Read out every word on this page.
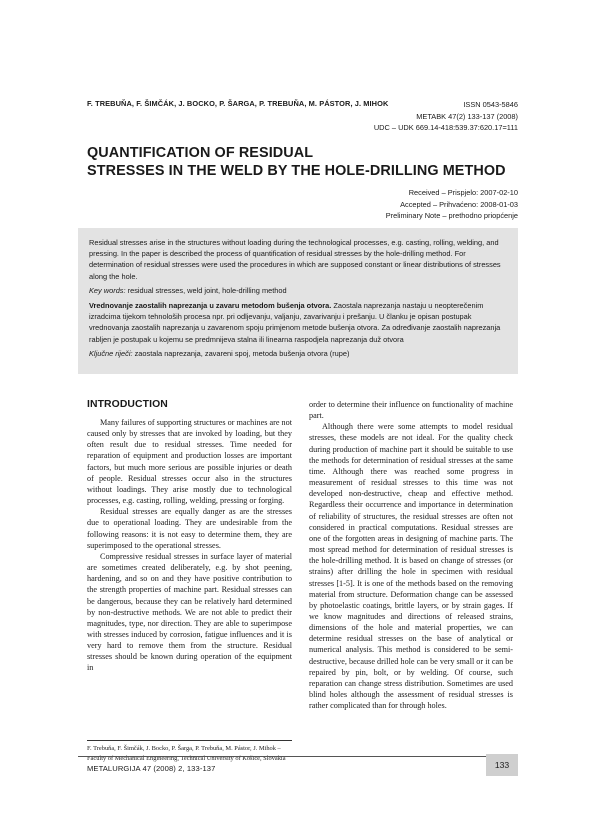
F. TREBUŇA, F. ŠIMČÁK, J. BOCKO, P. ŠARGA, P. TREBUŇA, M. PÁSTOR, J. MIHOK	ISSN 0543-5846
METABK 47(2) 133-137 (2008)
UDC – UDK 669.14-418:539.37:620.17=111
QUANTIFICATION OF RESIDUAL
STRESSES IN THE WELD BY THE HOLE-DRILLING METHOD
Received – Prispjelo: 2007-02-10
Accepted – Prihvaćeno: 2008-01-03
Preliminary Note – prethodno priopćenje

Residual stresses arise in the structures without loading during the technological processes, e.g. casting, rolling, welding, and pressing. In the paper is described the process of quantification of residual stresses by the hole-drilling method. For determination of residual stresses were used the procedures in which are supposed constant or linear distributions of stresses along the hole.

Key words: residual stresses, weld joint, hole-drilling method

Vrednovanje zaostalih naprezanja u zavaru metodom bušenja otvora. Zaostala naprezanja nastaju u neopterečenim izradcima tijekom tehnološih procesa npr. pri odljevanju, valjanju, zavarivanju i prešanju. U članku je opisan postupak vrednovanja zaostalih naprezanja u zavarenom spoju primjenom metode bušenja otvora. Za određivanje zaostalih naprezanja rabljen je postupak u kojemu se predmnijeva stalna ili linearna raspodjela naprezanja duž otvora

Ključne riječi: zaostala naprezanja, zavareni spoj, metoda bušenja otvora (rupe)

INTRODUCTION

Many failures of supporting structures or machines are not caused only by stresses that are invoked by loading, but they often result due to residual stresses. Time needed for reparation of equipment and production losses are important factors, but much more serious are possible injuries or death of people. Residual stresses occur also in the structures without loadings. They arise mostly due to technological processes, e.g. casting, rolling, welding, pressing or forging.

Residual stresses are equally danger as are the stresses due to operational loading. They are undesirable from the following reasons: it is not easy to determine them, they are superimposed to the operational stresses.

Compressive residual stresses in surface layer of material are sometimes created deliberately, e.g. by shot peening, hardening, and so on and they have positive contribution to the strength properties of machine part. Residual stresses can be dangerous, because they can be relatively hard determined by non-destructive methods. We are not able to predict their magnitudes, type, nor direction. They are able to superimpose with stresses induced by corrosion, fatigue influences and it is very hard to remove them from the structure. Residual stresses should be known during operation of the equipment in

order to determine their influence on functionality of machine part.

Although there were some attempts to model residual stresses, these models are not ideal. For the quality check during production of machine part it should be suitable to use the methods for determination of residual stresses at the same time. Although there was reached some progress in measurement of residual stresses to this time was not developed non-destructive, cheap and effective method. Regardless their occurrence and importance in determination of reliability of structures, the residual stresses are often not considered in practical computations. Residual stresses are one of the forgotten areas in designing of machine parts. The most spread method for determination of residual stresses is the hole-drilling method. It is based on change of stresses (or strains) after drilling the hole in specimen with residual stresses [1-5]. It is one of the methods based on the removing material from structure. Deformation change can be assessed by photoelastic coatings, brittle layers, or by strain gages. If we know magnitudes and directions of released strains, dimensions of the hole and material properties, we can determine residual stresses on the base of analytical or numerical analysis. This method is considered to be semi-destructive, because drilled hole can be very small or it can be repaired by pin, bolt, or by welding. Of course, such reparation can change stress distribution. Sometimes are used blind holes although the assessment of residual stresses is rather complicated than for through holes.

F. Trebuňa, F. Šimčák, J. Bocko, P. Šarga, P. Trebuňa, M. Pástor, J. Mihok – Faculty of Mechanical Engineering, Technical University of Košice, Slovakia
METALURGIJA 47 (2008) 2, 133-137	133
